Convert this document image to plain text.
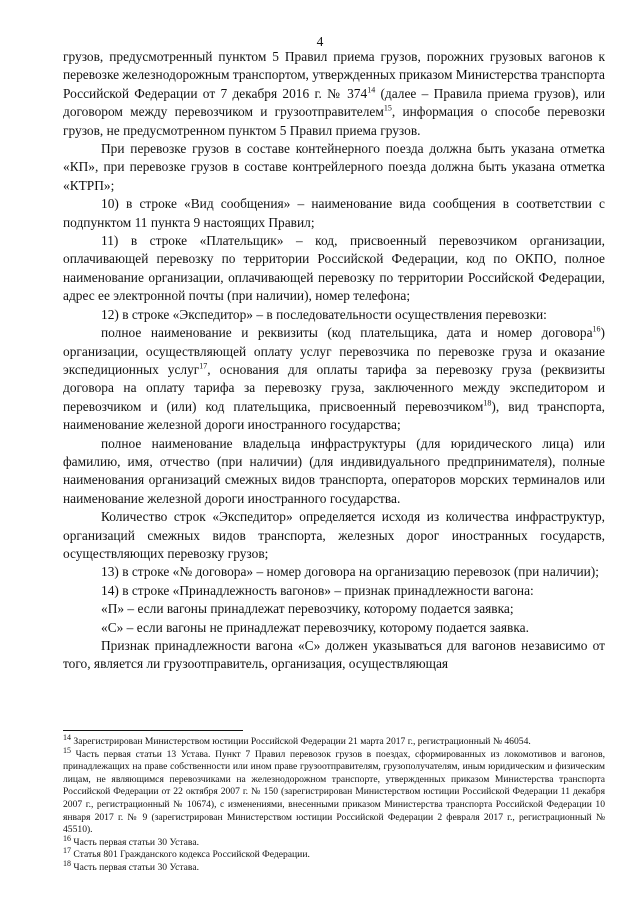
4

грузов, предусмотренный пунктом 5 Правил приема грузов, порожних грузовых вагонов к перевозке железнодорожным транспортом, утвержденных приказом Министерства транспорта Российской Федерации от 7 декабря 2016 г. № $374^{14}$ (далее – Правила приема грузов), или договором между перевозчиком и грузоотправителем$^{15}$, информация о способе перевозки грузов, не предусмотренном пунктом 5 Правил приема грузов.

При перевозке грузов в составе контейнерного поезда должна быть указана отметка «КП», при перевозке грузов в составе контрейлерного поезда должна быть указана отметка «КТРП»;

10) в строке «Вид сообщения» – наименование вида сообщения в соответствии с подпунктом 11 пункта 9 настоящих Правил;

11) в строке «Плательщик» – код, присвоенный перевозчиком организации, оплачивающей перевозку по территории Российской Федерации, код по ОКПО, полное наименование организации, оплачивающей перевозку по территории Российской Федерации, адрес ее электронной почты (при наличии), номер телефона;

12) в строке «Экспедитор» – в последовательности осуществления перевозки:

полное наименование и реквизиты (код плательщика, дата и номер договора$^{16}$) организации, осуществляющей оплату услуг перевозчика по перевозке груза и оказание экспедиционных услуг$^{17}$, основания для оплаты тарифа за перевозку груза (реквизиты договора на оплату тарифа за перевозку груза, заключенного между экспедитором и перевозчиком и (или) код плательщика, присвоенный перевозчиком$^{18}$), вид транспорта, наименование железной дороги иностранного государства;

полное наименование владельца инфраструктуры (для юридического лица) или фамилию, имя, отчество (при наличии) (для индивидуального предпринимателя), полные наименования организаций смежных видов транспорта, операторов морских терминалов или наименование железной дороги иностранного государства.

Количество строк «Экспедитор» определяется исходя из количества инфраструктур, организаций смежных видов транспорта, железных дорог иностранных государств, осуществляющих перевозку грузов;

13) в строке «№ договора» – номер договора на организацию перевозок (при наличии);

14) в строке «Принадлежность вагонов» – признак принадлежности вагона:

«П» – если вагоны принадлежат перевозчику, которому подается заявка;

«С» – если вагоны не принадлежат перевозчику, которому подается заявка.

Признак принадлежности вагона «С» должен указываться для вагонов независимо от того, является ли грузоотправитель, организация, осуществляющая

$^{14}$ Зарегистрирован Министерством юстиции Российской Федерации 21 марта 2017 г., регистрационный № 46054.

$^{15}$ Часть первая статьи 13 Устава. Пункт 7 Правил перевозок грузов в поездах, сформированных из локомотивов и вагонов, принадлежащих на праве собственности или ином праве грузоотправителям, грузополучателям, иным юридическим и физическим лицам, не являющимся перевозчиками на железнодорожном транспорте, утвержденных приказом Министерства транспорта Российской Федерации от 22 октября 2007 г. № 150 (зарегистрирован Министерством юстиции Российской Федерации 11 декабря 2007 г., регистрационный № 10674), с изменениями, внесенными приказом Министерства транспорта Российской Федерации 10 января 2017 г. № 9 (зарегистрирован Министерством юстиции Российской Федерации 2 февраля 2017 г., регистрационный № 45510).

$^{16}$ Часть первая статьи 30 Устава.

$^{17}$ Статья 801 Гражданского кодекса Российской Федерации.

$^{18}$ Часть первая статьи 30 Устава.
